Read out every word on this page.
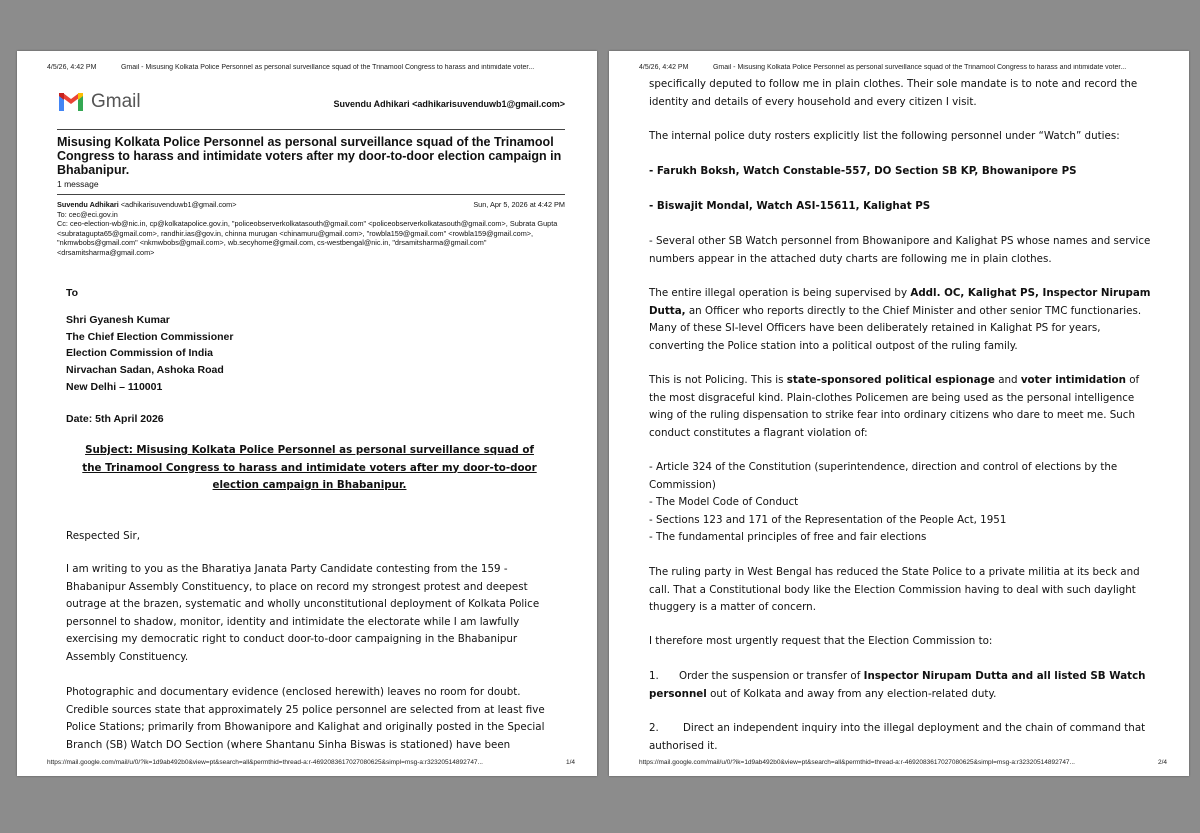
4/5/26, 4:42 PM	Gmail - Misusing Kolkata Police Personnel as personal surveillance squad of the Trinamool Congress to harass and intimidate voter...
Gmail	Suvendu Adhikari <adhikarisuvenduwb1@gmail.com>
Misusing Kolkata Police Personnel as personal surveillance squad of the Trinamool Congress to harass and intimidate voters after my door-to-door election campaign in Bhabanipur.
1 message
Suvendu Adhikari <adhikarisuvenduwb1@gmail.com>	Sun, Apr 5, 2026 at 4:42 PM
To: cec@eci.gov.in
Cc: ceo-election-wb@nic.in, cp@kolkatapolice.gov.in, "policeobserverkolkatasouth@gmail.com" <policeobserverkolkatasouth@gmail.com>, Subrata Gupta <subratagupta65@gmail.com>, randhir.ias@gov.in, chinna murugan <chinamuru@gmail.com>, "rowbla159@gmail.com" <rowbla159@gmail.com>, "nkmwbobs@gmail.com" <nkmwbobs@gmail.com>, wb.secyhome@gmail.com, cs-westbengal@nic.in, "drsamitsharma@gmail.com" <drsamitsharma@gmail.com>
To
Shri Gyanesh Kumar
The Chief Election Commissioner
Election Commission of India
Nirvachan Sadan, Ashoka Road
New Delhi – 110001
Date: 5th April 2026
Subject: Misusing Kolkata Police Personnel as personal surveillance squad of the Trinamool Congress to harass and intimidate voters after my door-to-door election campaign in Bhabanipur.
Respected Sir,
I am writing to you as the Bharatiya Janata Party Candidate contesting from the 159 - Bhabanipur Assembly Constituency, to place on record my strongest protest and deepest outrage at the brazen, systematic and wholly unconstitutional deployment of Kolkata Police personnel to shadow, monitor, identity and intimidate the electorate while I am lawfully exercising my democratic right to conduct door-to-door campaigning in the Bhabanipur Assembly Constituency.
Photographic and documentary evidence (enclosed herewith) leaves no room for doubt. Credible sources state that approximately 25 police personnel are selected from at least five Police Stations; primarily from Bhowanipore and Kalighat and originally posted in the Special Branch (SB) Watch DO Section (where Shantanu Sinha Biswas is stationed) have been
https://mail.google.com/mail/u/0/?ik=1d9ab492b0&view=pt&search=all&permthid=thread-a:r-4692083617027080625&simpl=msg-a:r32320514892747...	1/4
4/5/26, 4:42 PM	Gmail - Misusing Kolkata Police Personnel as personal surveillance squad of the Trinamool Congress to harass and intimidate voter...
specifically deputed to follow me in plain clothes. Their sole mandate is to note and record the identity and details of every household and every citizen I visit.
The internal police duty rosters explicitly list the following personnel under “Watch” duties:
- Farukh Boksh, Watch Constable-557, DO Section SB KP, Bhowanipore PS
- Biswajit Mondal, Watch ASI-15611, Kalighat PS
- Several other SB Watch personnel from Bhowanipore and Kalighat PS whose names and service numbers appear in the attached duty charts are following me in plain clothes.
The entire illegal operation is being supervised by Addl. OC, Kalighat PS, Inspector Nirupam Dutta, an Officer who reports directly to the Chief Minister and other senior TMC functionaries. Many of these SI-level Officers have been deliberately retained in Kalighat PS for years, converting the Police station into a political outpost of the ruling family.
This is not Policing. This is state-sponsored political espionage and voter intimidation of the most disgraceful kind. Plain-clothes Policemen are being used as the personal intelligence wing of the ruling dispensation to strike fear into ordinary citizens who dare to meet me. Such conduct constitutes a flagrant violation of:
- Article 324 of the Constitution (superintendence, direction and control of elections by the Commission)
- The Model Code of Conduct
- Sections 123 and 171 of the Representation of the People Act, 1951
- The fundamental principles of free and fair elections
The ruling party in West Bengal has reduced the State Police to a private militia at its beck and call. That a Constitutional body like the Election Commission having to deal with such daylight thuggery is a matter of concern.
I therefore most urgently request that the Election Commission to:
1. Order the suspension or transfer of Inspector Nirupam Dutta and all listed SB Watch personnel out of Kolkata and away from any election-related duty.
2. Direct an independent inquiry into the illegal deployment and the chain of command that authorised it.
https://mail.google.com/mail/u/0/?ik=1d9ab492b0&view=pt&search=all&permthid=thread-a:r-4692083617027080625&simpl=msg-a:r32320514892747...	2/4
